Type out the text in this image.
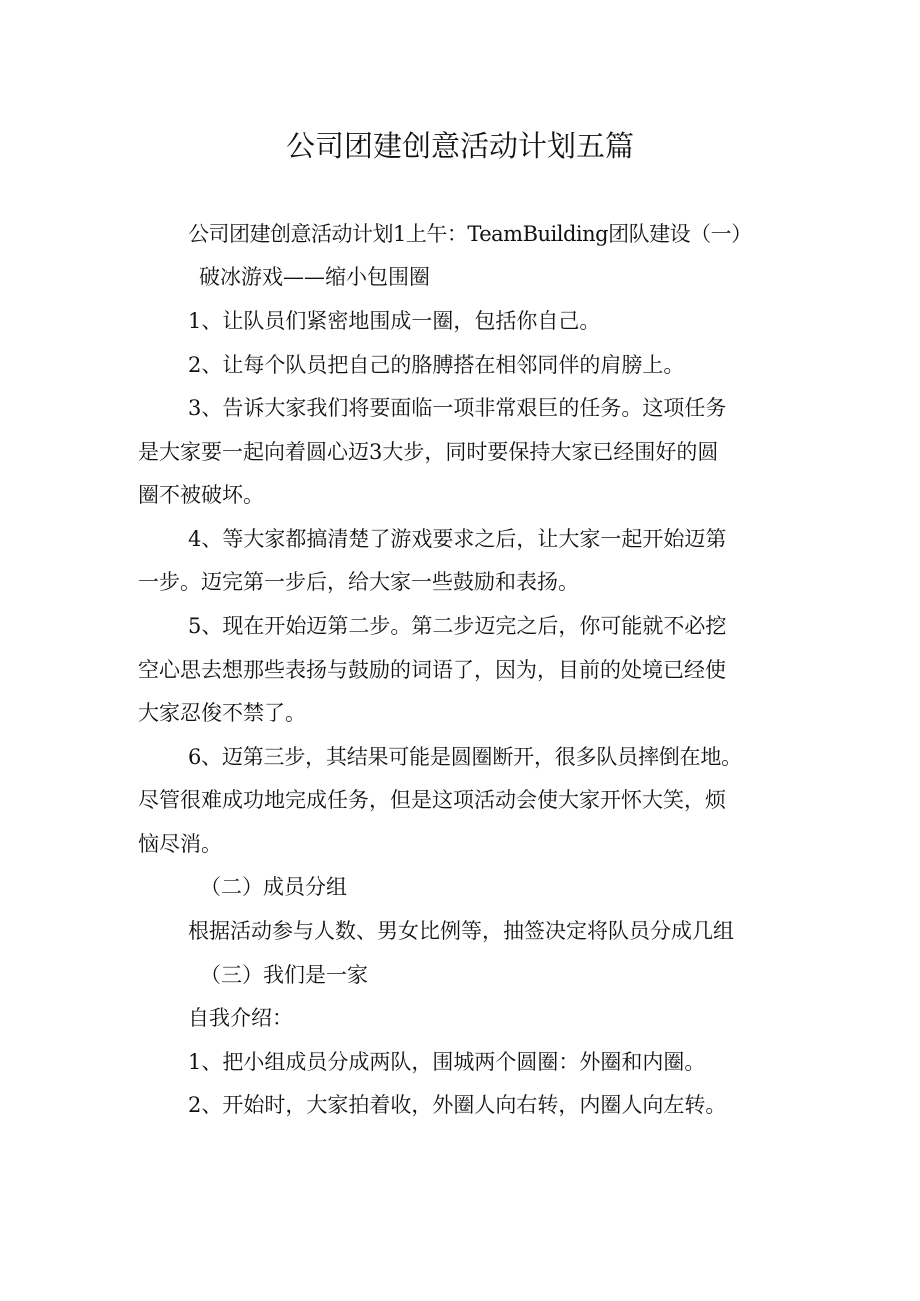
公司团建创意活动计划五篇

公司团建创意活动计划1上午：TeamBuilding团队建设（一）

破冰游戏——缩小包围圈

1、让队员们紧密地围成一圈，包括你自己。

2、让每个队员把自己的胳膊搭在相邻同伴的肩膀上。

3、告诉大家我们将要面临一项非常艰巨的任务。这项任务

是大家要一起向着圆心迈3大步，同时要保持大家已经围好的圆

圈不被破坏。

4、等大家都搞清楚了游戏要求之后，让大家一起开始迈第

一步。迈完第一步后，给大家一些鼓励和表扬。

5、现在开始迈第二步。第二步迈完之后，你可能就不必挖

空心思去想那些表扬与鼓励的词语了，因为，目前的处境已经使

大家忍俊不禁了。

6、迈第三步，其结果可能是圆圈断开，很多队员摔倒在地。

尽管很难成功地完成任务，但是这项活动会使大家开怀大笑，烦

恼尽消。

（二）成员分组

根据活动参与人数、男女比例等，抽签决定将队员分成几组

（三）我们是一家

自我介绍：

1、把小组成员分成两队，围城两个圆圈：外圈和内圈。

2、开始时，大家拍着收，外圈人向右转，内圈人向左转。
